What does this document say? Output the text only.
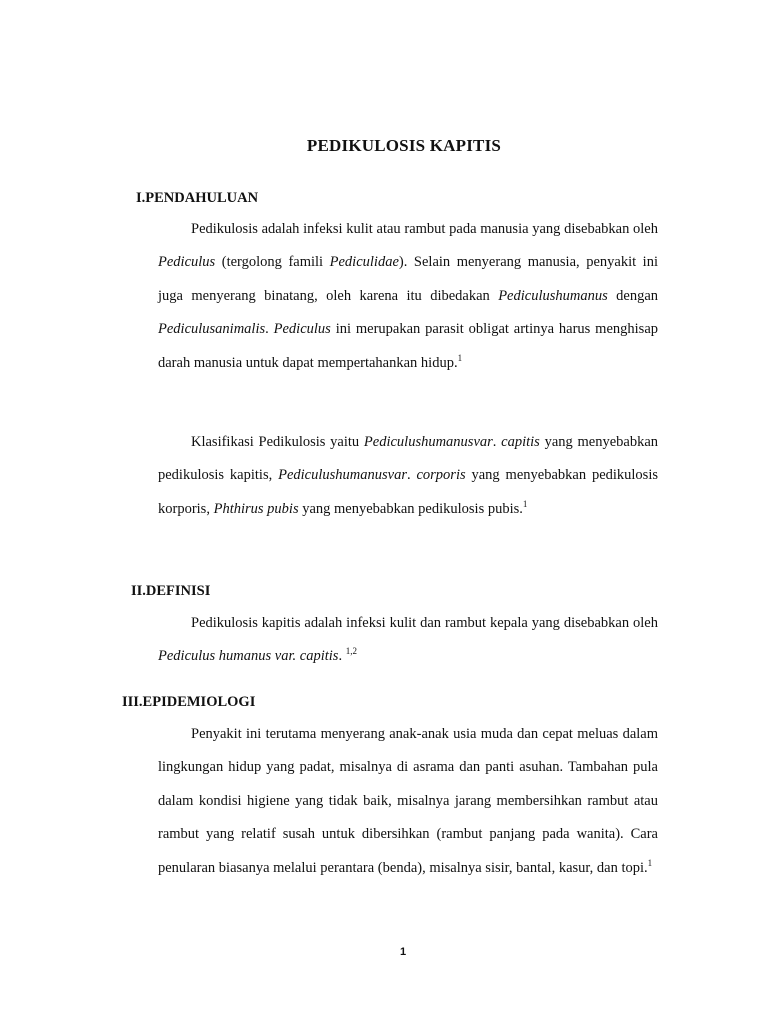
PEDIKULOSIS KAPITIS
I.PENDAHULUAN
Pedikulosis adalah infeksi kulit atau rambut pada manusia yang disebabkan oleh Pediculus (tergolong famili Pediculidae). Selain menyerang manusia, penyakit ini juga menyerang binatang, oleh karena itu dibedakan Pediculushumanus dengan Pediculusanimalis. Pediculus ini merupakan parasit obligat artinya harus menghisap darah manusia untuk dapat mempertahankan hidup.$^1$
Klasifikasi Pedikulosis yaitu Pediculushumanusvar. capitis yang menyebabkan pedikulosis kapitis, Pediculushumanusvar. corporis yang menyebabkan pedikulosis korporis, Phthirus pubis yang menyebabkan pedikulosis pubis.$^1$
II.DEFINISI
Pedikulosis kapitis adalah infeksi kulit dan rambut kepala yang disebabkan oleh Pediculus humanus var. capitis. $^{1,2}$
III.EPIDEMIOLOGI
Penyakit ini terutama menyerang anak-anak usia muda dan cepat meluas dalam lingkungan hidup yang padat, misalnya di asrama dan panti asuhan. Tambahan pula dalam kondisi higiene yang tidak baik, misalnya jarang membersihkan rambut atau rambut yang relatif susah untuk dibersihkan (rambut panjang pada wanita). Cara penularan biasanya melalui perantara (benda), misalnya sisir, bantal, kasur, dan topi.$^1$
1
